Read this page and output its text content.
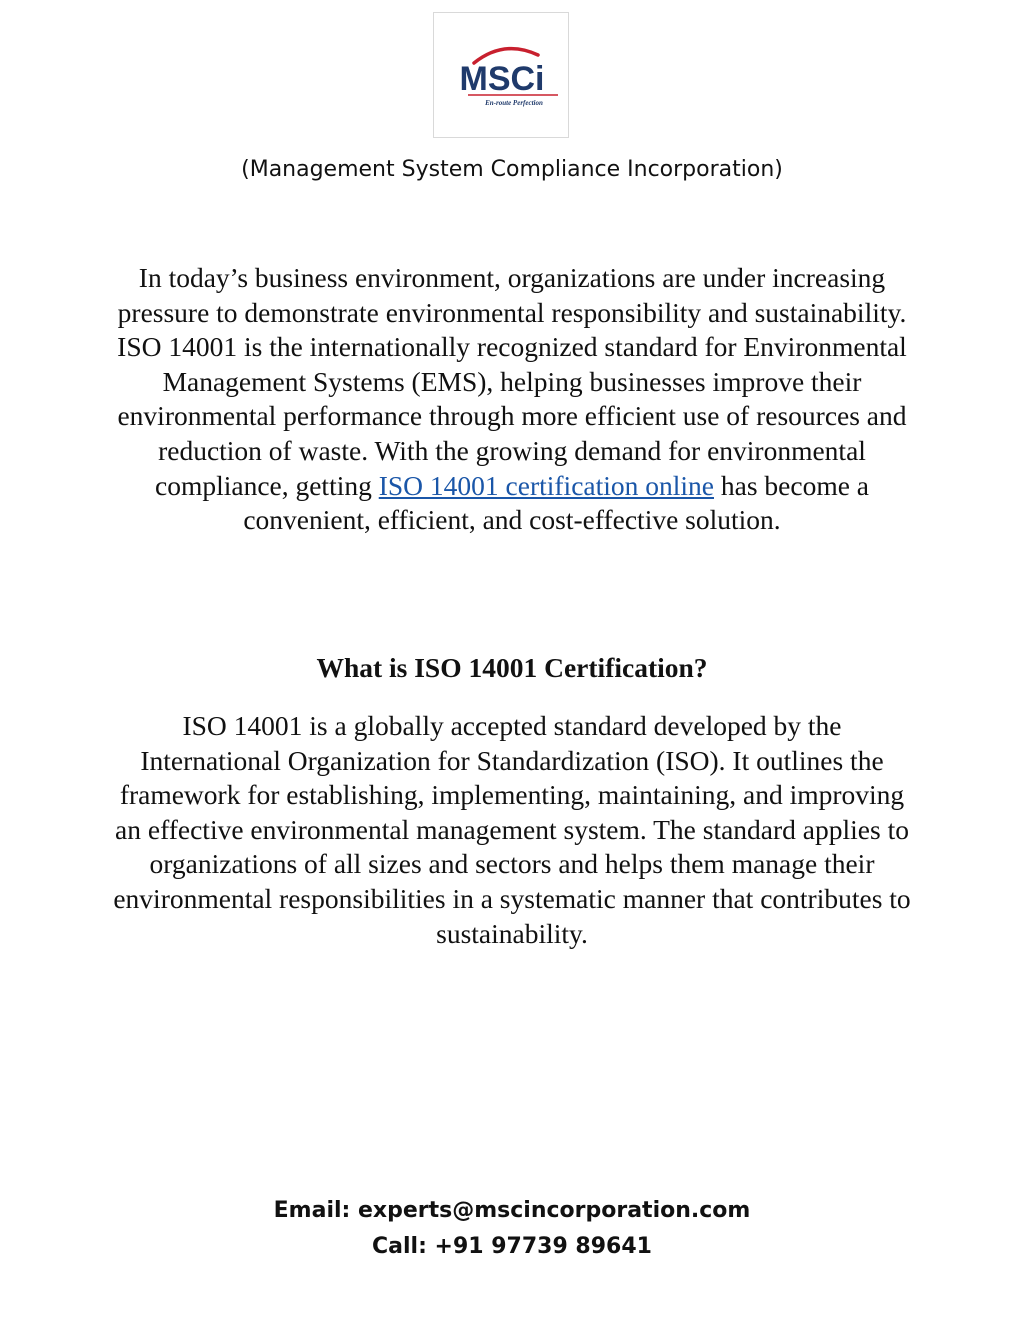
MSCi
En-route Perfection
(Management System Compliance Incorporation)

In today’s business environment, organizations are under increasing pressure to demonstrate environmental responsibility and sustainability. ISO 14001 is the internationally recognized standard for Environmental Management Systems (EMS), helping businesses improve their environmental performance through more efficient use of resources and reduction of waste. With the growing demand for environmental compliance, getting ISO 14001 certification online has become a convenient, efficient, and cost-effective solution.

What is ISO 14001 Certification?

ISO 14001 is a globally accepted standard developed by the International Organization for Standardization (ISO). It outlines the framework for establishing, implementing, maintaining, and improving an effective environmental management system. The standard applies to organizations of all sizes and sectors and helps them manage their environmental responsibilities in a systematic manner that contributes to sustainability.

Email: experts@mscincorporation.com
Call: +91 97739 89641
